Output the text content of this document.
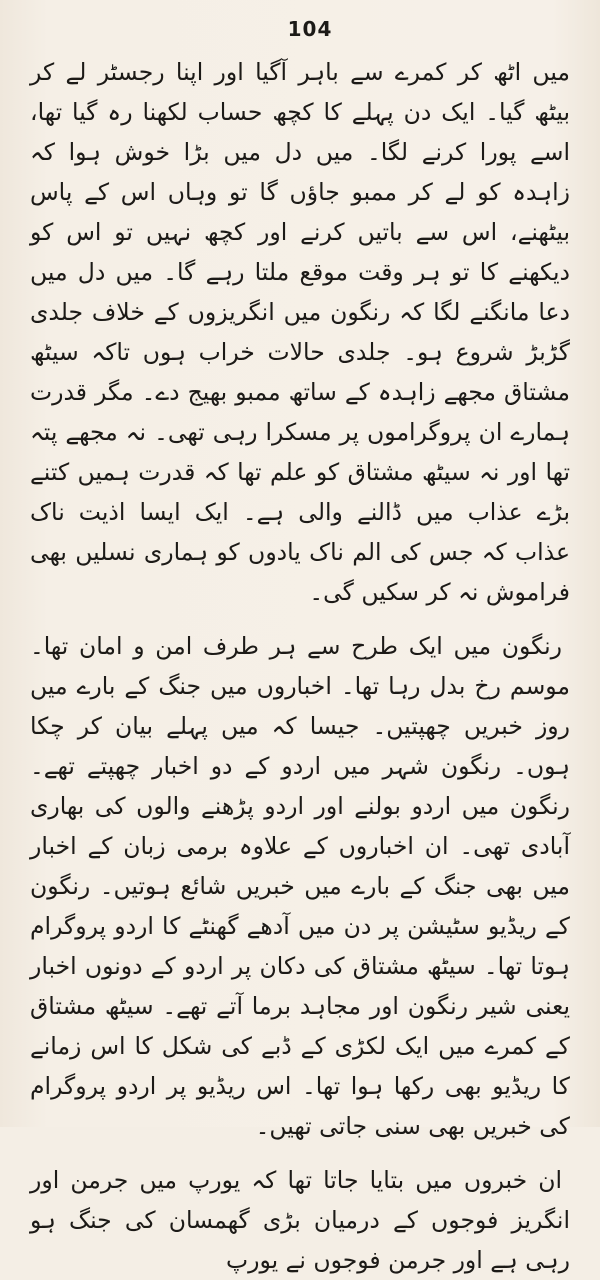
104

میں اٹھ کر کمرے سے باہر آگیا اور اپنا رجسٹر لے کر بیٹھ گیا۔ ایک دن پہلے کا کچھ حساب لکھنا رہ گیا تھا، اسے پورا کرنے لگا۔ میں دل میں بڑا خوش ہوا کہ زاہدہ کو لے کر ممبو جاؤں گا تو وہاں اس کے پاس بیٹھنے، اس سے باتیں کرنے اور کچھ نہیں تو اس کو دیکھنے کا تو ہر وقت موقع ملتا رہے گا۔ میں دل میں دعا مانگنے لگا کہ رنگون میں انگریزوں کے خلاف جلدی گڑبڑ شروع ہو۔ جلدی حالات خراب ہوں تاکہ سیٹھ مشتاق مجھے زاہدہ کے ساتھ ممبو بھیج دے۔ مگر قدرت ہمارے ان پروگراموں پر مسکرا رہی تھی۔ نہ مجھے پتہ تھا اور نہ سیٹھ مشتاق کو علم تھا کہ قدرت ہمیں کتنے بڑے عذاب میں ڈالنے والی ہے۔ ایک ایسا اذیت ناک عذاب کہ جس کی الم ناک یادوں کو ہماری نسلیں بھی فراموش نہ کر سکیں گی۔

رنگون میں ایک طرح سے ہر طرف امن و امان تھا۔ موسم رخ بدل رہا تھا۔ اخباروں میں جنگ کے بارے میں روز خبریں چھپتیں۔ جیسا کہ میں پہلے بیان کر چکا ہوں۔ رنگون شہر میں اردو کے دو اخبار چھپتے تھے۔ رنگون میں اردو بولنے اور اردو پڑھنے والوں کی بھاری آبادی تھی۔ ان اخباروں کے علاوہ برمی زبان کے اخبار میں بھی جنگ کے بارے میں خبریں شائع ہوتیں۔ رنگون کے ریڈیو سٹیشن پر دن میں آدھے گھنٹے کا اردو پروگرام ہوتا تھا۔ سیٹھ مشتاق کی دکان پر اردو کے دونوں اخبار یعنی شیر رنگون اور مجاہد برما آتے تھے۔ سیٹھ مشتاق کے کمرے میں ایک لکڑی کے ڈبے کی شکل کا اس زمانے کا ریڈیو بھی رکھا ہوا تھا۔ اس ریڈیو پر اردو پروگرام کی خبریں بھی سنی جاتی تھیں۔

ان خبروں میں بتایا جاتا تھا کہ یورپ میں جرمن اور انگریز فوجوں کے درمیان بڑی گھمسان کی جنگ ہو رہی ہے اور جرمن فوجوں نے یورپ
